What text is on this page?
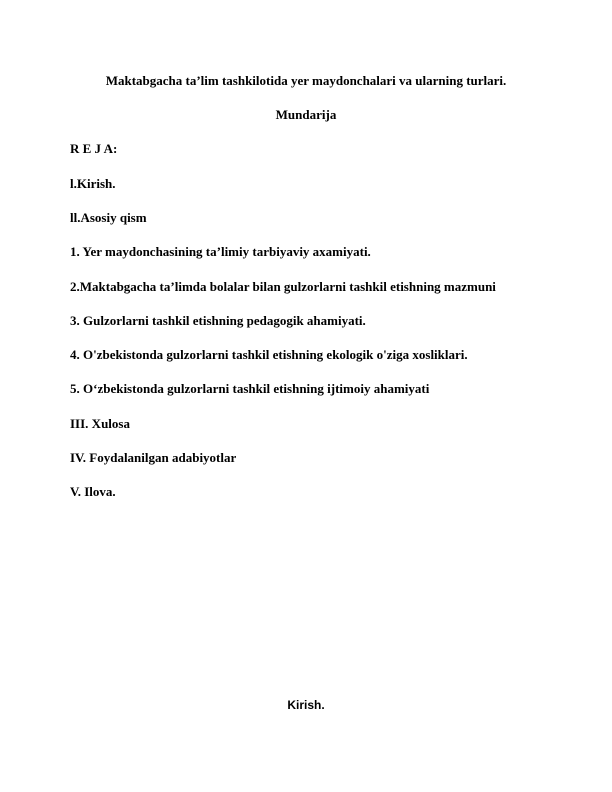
Maktabgacha ta’lim tashkilotida yer maydonchalari va ularning turlari.
Mundarija
R E J A:
l.Kirish.
ll.Asosiy qism
1. Yer maydonchasining ta’limiy tarbiyaviy axamiyati.
2.Maktabgacha ta’limda bolalar bilan gulzorlarni tashkil etishning mazmuni
3. Gulzorlarni tashkil etishning pedagogik ahamiyati.
4. O'zbekistonda gulzorlarni tashkil etishning ekologik o'ziga xosliklari.
5. O‘zbekistonda gulzorlarni tashkil etishning ijtimoiy ahamiyati
III. Xulosa
IV. Foydalanilgan adabiyotlar
V. Ilova.
Kirish.
